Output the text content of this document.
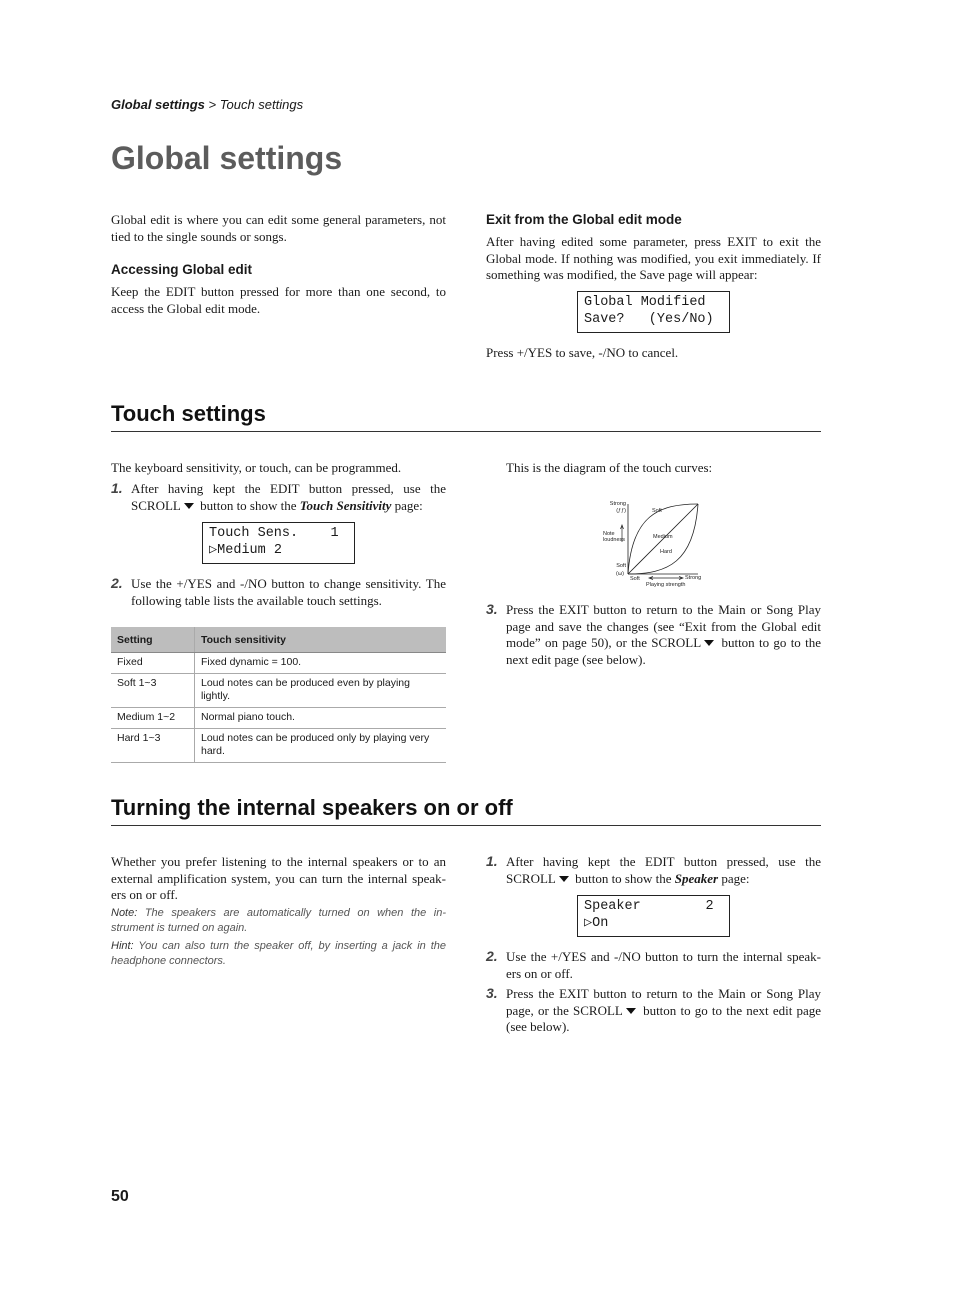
Global settings > Touch settings
Global settings
Global edit is where you can edit some general parameters, not tied to the single sounds or songs.
Accessing Global edit
Keep the EDIT button pressed for more than one second, to access the Global edit mode.
Exit from the Global edit mode
After having edited some parameter, press EXIT to exit the Global mode. If nothing was modified, you exit immediately. If something was modified, the Save page will appear:
Global Modified
Save?   (Yes/No)
Press +/YES to save, -/NO to cancel.
Touch settings
The keyboard sensitivity, or touch, can be programmed.
1. After having kept the EDIT button pressed, use the SCROLL button to show the Touch Sensitivity page:
Touch Sens.    1
▷Medium 2
2. Use the +/YES and -/NO button to change sensitivity. The following table lists the available touch settings.
Setting	Touch sensitivity
Fixed	Fixed dynamic = 100.
Soft 1~3	Loud notes can be produced even by playing lightly.
Medium 1~2	Normal piano touch.
Hard 1~3	Loud notes can be produced only by playing very hard.
This is the diagram of the touch curves:
Strong
(ƒƒ)
Note
loudness
Soft
(ω)
Soft
Medium
Hard
Soft	Strong
Playing strength
3. Press the EXIT button to return to the Main or Song Play page and save the changes (see “Exit from the Global edit mode” on page 50), or the SCROLL button to go to the next edit page (see below).
Turning the internal speakers on or off
Whether you prefer listening to the internal speakers or to an external amplification system, you can turn the internal speak-ers on or off.
Note: The speakers are automatically turned on when the in-strument is turned on again.
Hint: You can also turn the speaker off, by inserting a jack in the headphone connectors.
1. After having kept the EDIT button pressed, use the SCROLL button to show the Speaker page:
Speaker        2
▷On
2. Use the +/YES and -/NO button to turn the internal speak-ers on or off.
3. Press the EXIT button to return to the Main or Song Play page, or the SCROLL button to go to the next edit page (see below).
50
